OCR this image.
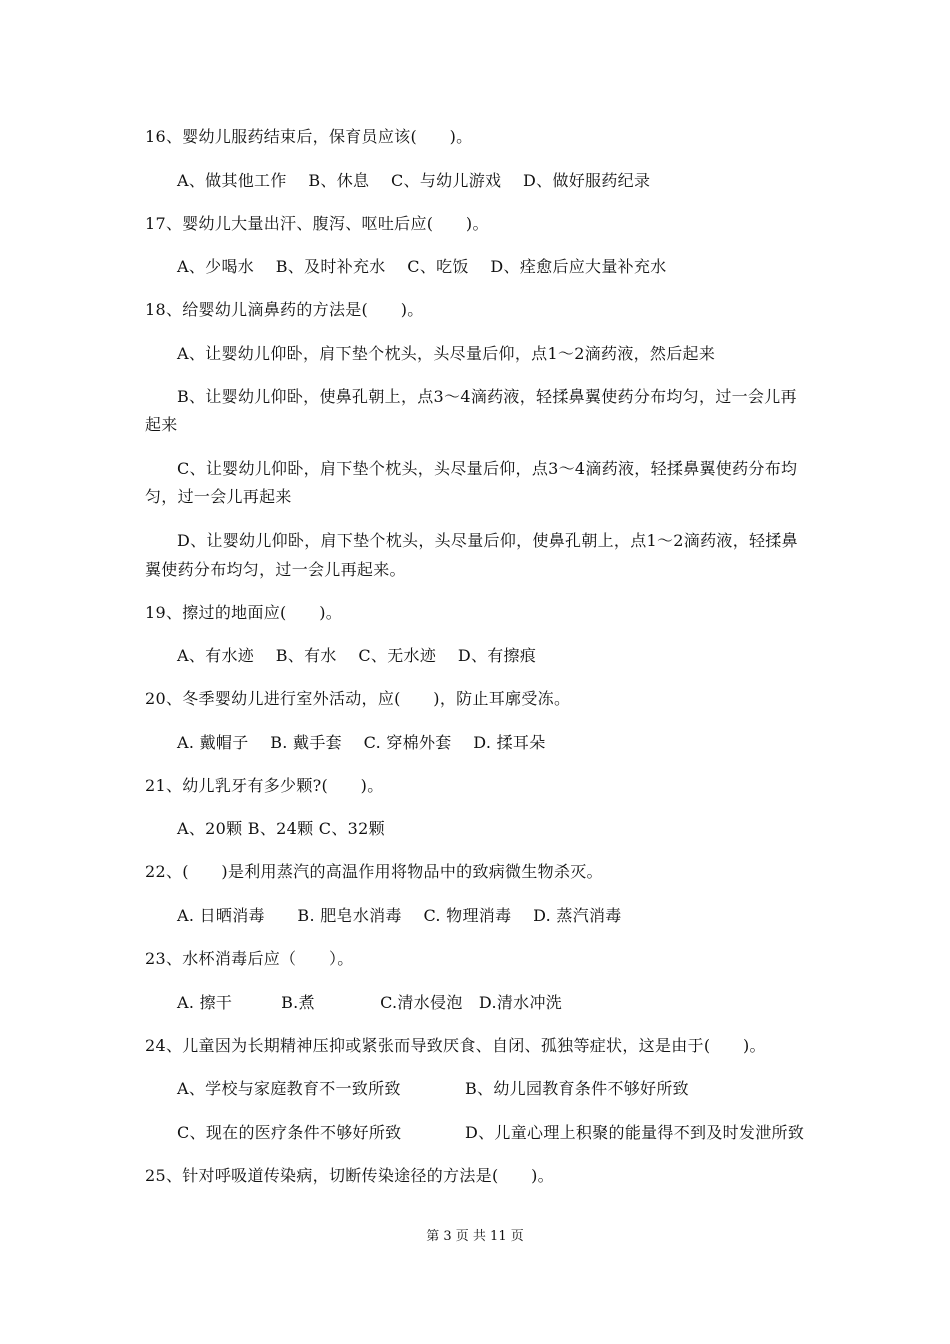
16、婴幼儿服药结束后，保育员应该(　　)。
A、做其他工作　 B、休息　 C、与幼儿游戏　 D、做好服药纪录
17、婴幼儿大量出汗、腹泻、呕吐后应(　　)。
A、少喝水　 B、及时补充水　 C、吃饭　 D、痊愈后应大量补充水
18、给婴幼儿滴鼻药的方法是(　　)。
A、让婴幼儿仰卧，肩下垫个枕头，头尽量后仰，点1～2滴药液，然后起来
B、让婴幼儿仰卧，使鼻孔朝上，点3～4滴药液，轻揉鼻翼使药分布均匀，过一会儿再
起来
C、让婴幼儿仰卧，肩下垫个枕头，头尽量后仰，点3～4滴药液，轻揉鼻翼使药分布均
匀，过一会儿再起来
D、让婴幼儿仰卧，肩下垫个枕头，头尽量后仰，使鼻孔朝上，点1～2滴药液，轻揉鼻
翼使药分布均匀，过一会儿再起来。
19、擦过的地面应(　　)。
A、有水迹　 B、有水　 C、无水迹　 D、有擦痕
20、冬季婴幼儿进行室外活动，应(　　)，防止耳廓受冻。
A. 戴帽子　 B. 戴手套　 C. 穿棉外套　 D. 揉耳朵
21、幼儿乳牙有多少颗?(　　)。
A、20颗 B、24颗 C、32颗
22、(　　)是利用蒸汽的高温作用将物品中的致病微生物杀灭。
A. 日晒消毒　　B. 肥皂水消毒　 C. 物理消毒　 D. 蒸汽消毒
23、水杯消毒后应（　　）。
A. 擦干　　　B.煮　　　　C.清水侵泡　D.清水冲洗
24、儿童因为长期精神压抑或紧张而导致厌食、自闭、孤独等症状，这是由于(　　)。
A、学校与家庭教育不一致所致	B、幼儿园教育条件不够好所致
C、现在的医疗条件不够好所致	D、儿童心理上积聚的能量得不到及时发泄所致
25、针对呼吸道传染病，切断传染途径的方法是(　　)。
第 3 页 共 11 页
